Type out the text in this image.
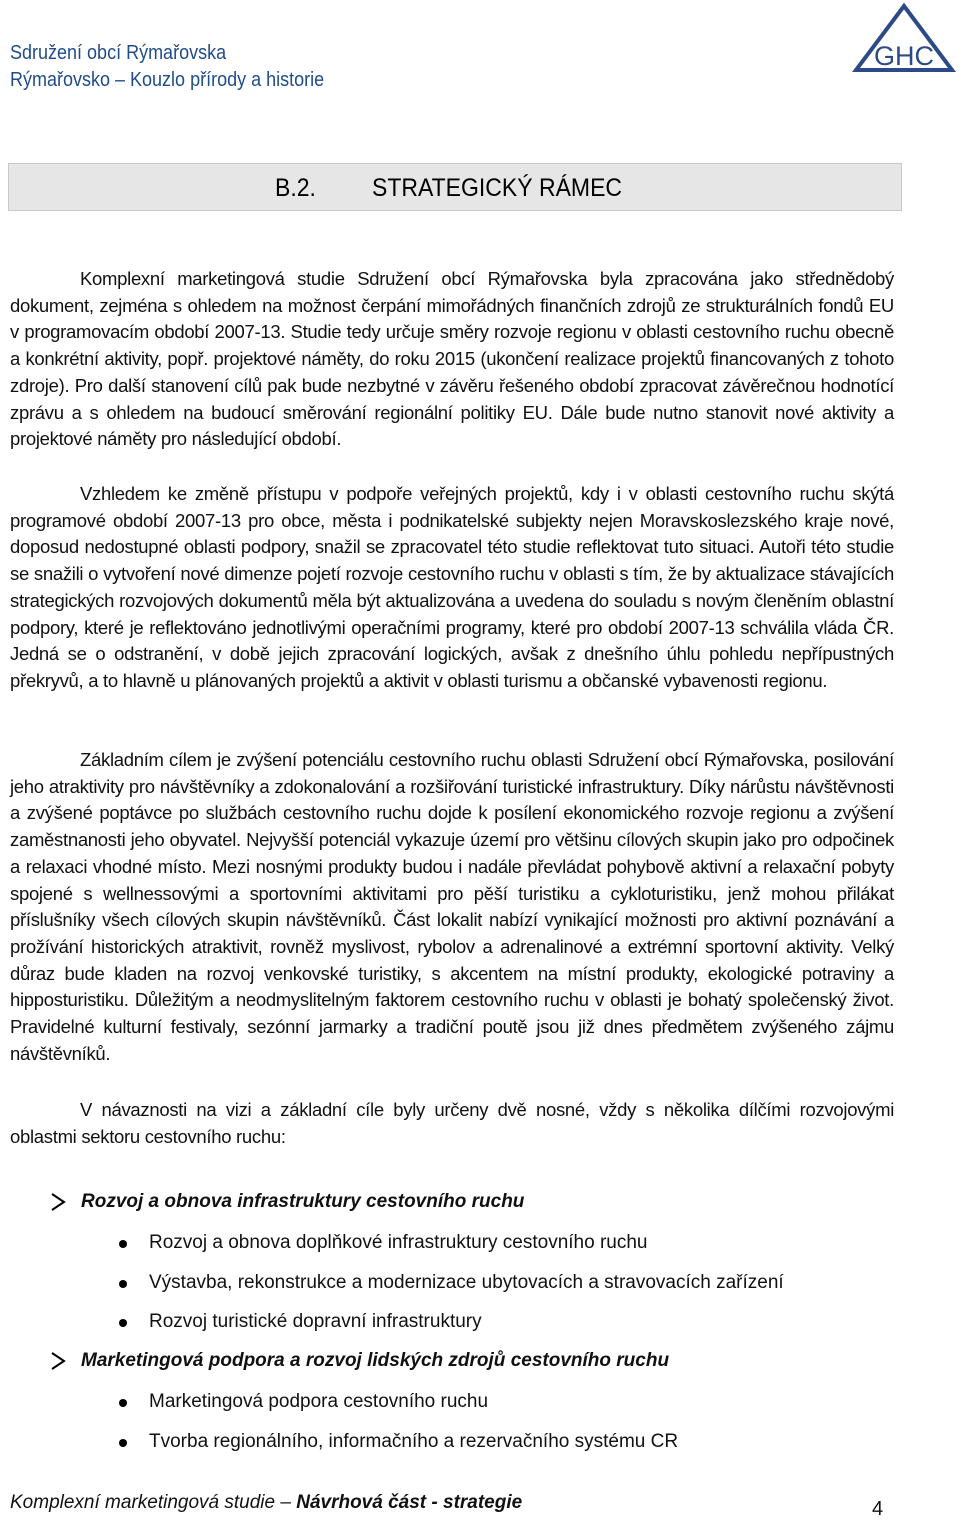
Sdružení obcí Rýmařovska
Rýmařovsko – Kouzlo přírody a historie
GHC
B.2. STRATEGICKÝ RÁMEC
Komplexní marketingová studie Sdružení obcí Rýmařovska byla zpracována jako střednědobý dokument, zejména s ohledem na možnost čerpání mimořádných finančních zdrojů ze strukturálních fondů EU v programovacím období 2007-13. Studie tedy určuje směry rozvoje regionu v oblasti cestovního ruchu obecně a konkrétní aktivity, popř. projektové náměty, do roku 2015 (ukončení realizace projektů financovaných z tohoto zdroje). Pro další stanovení cílů pak bude nezbytné v závěru řešeného období zpracovat závěrečnou hodnotící zprávu a s ohledem na budoucí směrování regionální politiky EU. Dále bude nutno stanovit nové aktivity a projektové náměty pro následující období.
Vzhledem ke změně přístupu v podpoře veřejných projektů, kdy i v oblasti cestovního ruchu skýtá programové období 2007-13 pro obce, města i podnikatelské subjekty nejen Moravskoslezského kraje nové, doposud nedostupné oblasti podpory, snažil se zpracovatel této studie reflektovat tuto situaci. Autoři této studie se snažili o vytvoření nové dimenze pojetí rozvoje cestovního ruchu v oblasti s tím, že by aktualizace stávajících strategických rozvojových dokumentů měla být aktualizována a uvedena do souladu s novým členěním oblastní podpory, které je reflektováno jednotlivými operačními programy, které pro období 2007-13 schválila vláda ČR. Jedná se o odstranění, v době jejich zpracování logických, avšak z dnešního úhlu pohledu nepřípustných překryvů, a to hlavně u plánovaných projektů a aktivit v oblasti turismu a občanské vybavenosti regionu.
Základním cílem je zvýšení potenciálu cestovního ruchu oblasti Sdružení obcí Rýmařovska, posilování jeho atraktivity pro návštěvníky a zdokonalování a rozšiřování turistické infrastruktury. Díky nárůstu návštěvnosti a zvýšené poptávce po službách cestovního ruchu dojde k posílení ekonomického rozvoje regionu a zvýšení zaměstnanosti jeho obyvatel. Nejvyšší potenciál vykazuje území pro většinu cílových skupin jako pro odpočinek a relaxaci vhodné místo. Mezi nosnými produkty budou i nadále převládat pohybově aktivní a relaxační pobyty spojené s wellnessovými a sportovními aktivitami pro pěší turistiku a cykloturistiku, jenž mohou přilákat příslušníky všech cílových skupin návštěvníků. Část lokalit nabízí vynikající možnosti pro aktivní poznávání a prožívání historických atraktivit, rovněž myslivost, rybolov a adrenalinové a extrémní sportovní aktivity. Velký důraz bude kladen na rozvoj venkovské turistiky, s akcentem na místní produkty, ekologické potraviny a hipposturistiku. Důležitým a neodmyslitelným faktorem cestovního ruchu v oblasti je bohatý společenský život. Pravidelné kulturní festivaly, sezónní jarmarky a tradiční poutě jsou již dnes předmětem zvýšeného zájmu návštěvníků.
V návaznosti na vizi a základní cíle byly určeny dvě nosné, vždy s několika dílčími rozvojovými oblastmi sektoru cestovního ruchu:
Rozvoj a obnova infrastruktury cestovního ruchu
Rozvoj a obnova doplňkové infrastruktury cestovního ruchu
Výstavba, rekonstrukce a modernizace ubytovacích a stravovacích zařízení
Rozvoj turistické dopravní infrastruktury
Marketingová podpora a rozvoj lidských zdrojů cestovního ruchu
Marketingová podpora cestovního ruchu
Tvorba regionálního, informačního a rezervačního systému CR
Komplexní marketingová studie – Návrhová část - strategie	4
